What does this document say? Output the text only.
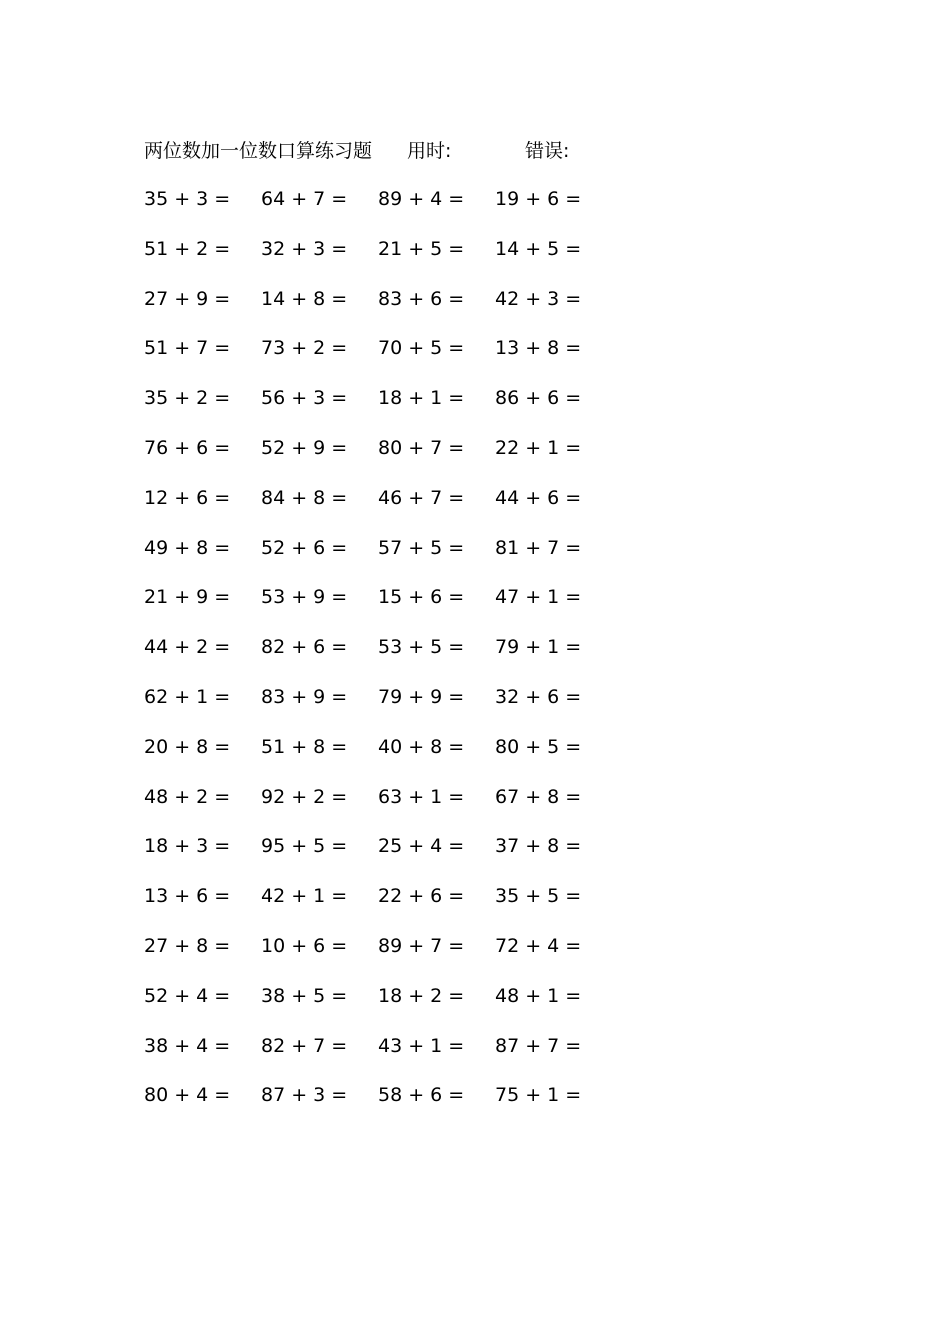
两位数加一位数口算练习题 用时:	错误:
35 + 3 = 64 + 7 = 89 + 4 = 19 + 6 =
51 + 2 = 32 + 3 = 21 + 5 = 14 + 5 =
27 + 9 = 14 + 8 = 83 + 6 = 42 + 3 =
51 + 7 = 73 + 2 = 70 + 5 = 13 + 8 =
35 + 2 = 56 + 3 = 18 + 1 = 86 + 6 =
76 + 6 = 52 + 9 = 80 + 7 = 22 + 1 =
12 + 6 = 84 + 8 = 46 + 7 = 44 + 6 =
49 + 8 = 52 + 6 = 57 + 5 = 81 + 7 =
21 + 9 = 53 + 9 = 15 + 6 = 47 + 1 =
44 + 2 = 82 + 6 = 53 + 5 = 79 + 1 =
62 + 1 = 83 + 9 = 79 + 9 = 32 + 6 =
20 + 8 = 51 + 8 = 40 + 8 = 80 + 5 =
48 + 2 = 92 + 2 = 63 + 1 = 67 + 8 =
18 + 3 = 95 + 5 = 25 + 4 = 37 + 8 =
13 + 6 = 42 + 1 = 22 + 6 = 35 + 5 =
27 + 8 = 10 + 6 = 89 + 7 = 72 + 4 =
52 + 4 = 38 + 5 = 18 + 2 = 48 + 1 =
38 + 4 = 82 + 7 = 43 + 1 = 87 + 7 =
80 + 4 = 87 + 3 = 58 + 6 = 75 + 1 =
